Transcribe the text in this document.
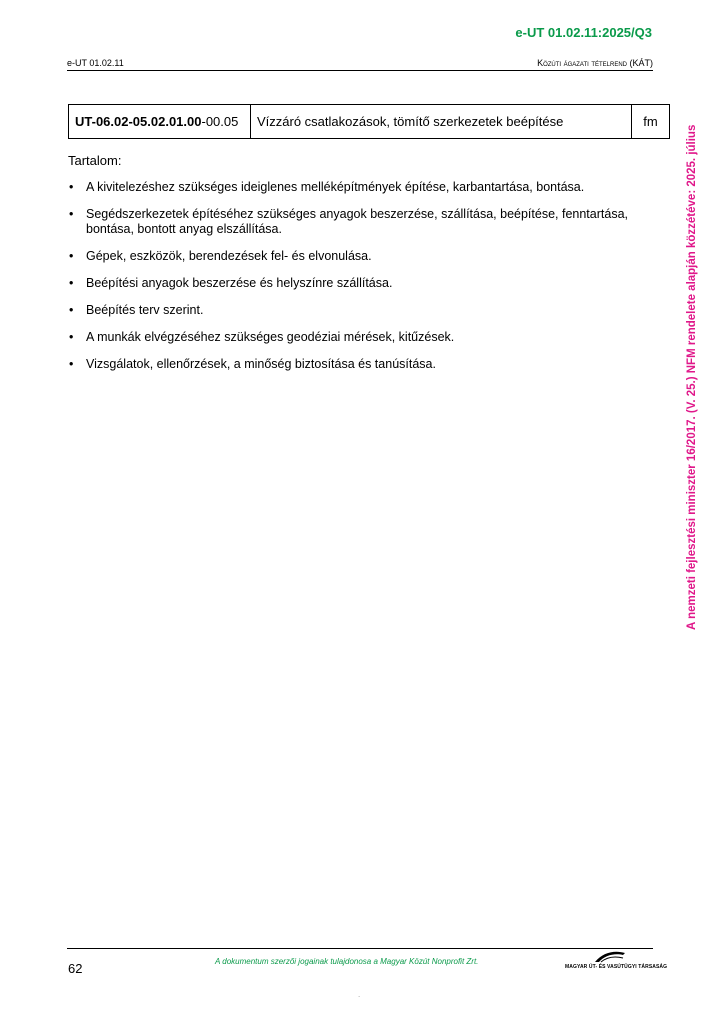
e-UT 01.02.11:2025/Q3
e-UT 01.02.11	Közúti ágazati tételrend (KÁT)
UT-06.02-05.02.01.00 -00.05	Vízzáró csatlakozások, tömítő szerkezetek beépítése	fm
Tartalom:
• A kivitelezéshez szükséges ideiglenes melléképítmények építése, karbantartása, bontása.
• Segédszerkezetek építéséhez szükséges anyagok beszerzése, szállítása, beépítése, fenntartása, bontása, bontott anyag elszállítása.
• Gépek, eszközök, berendezések fel- és elvonulása.
• Beépítési anyagok beszerzése és helyszínre szállítása.
• Beépítés terv szerint.
• A munkák elvégzéséhez szükséges geodéziai mérések, kitűzések.
• Vizsgálatok, ellenőrzések, a minőség biztosítása és tanúsítása.	A nemzeti fejlesztési miniszter 16/2017. (V. 25.) NFM rendelete alapján közzétéve: 2025. július
62	A dokumentum szerzői jogainak tulajdonosa a Magyar Közút Nonprofit Zrt.
MAGYAR ÚT- ÉS VASÚTÜGYI TÁRSASÁG
.
